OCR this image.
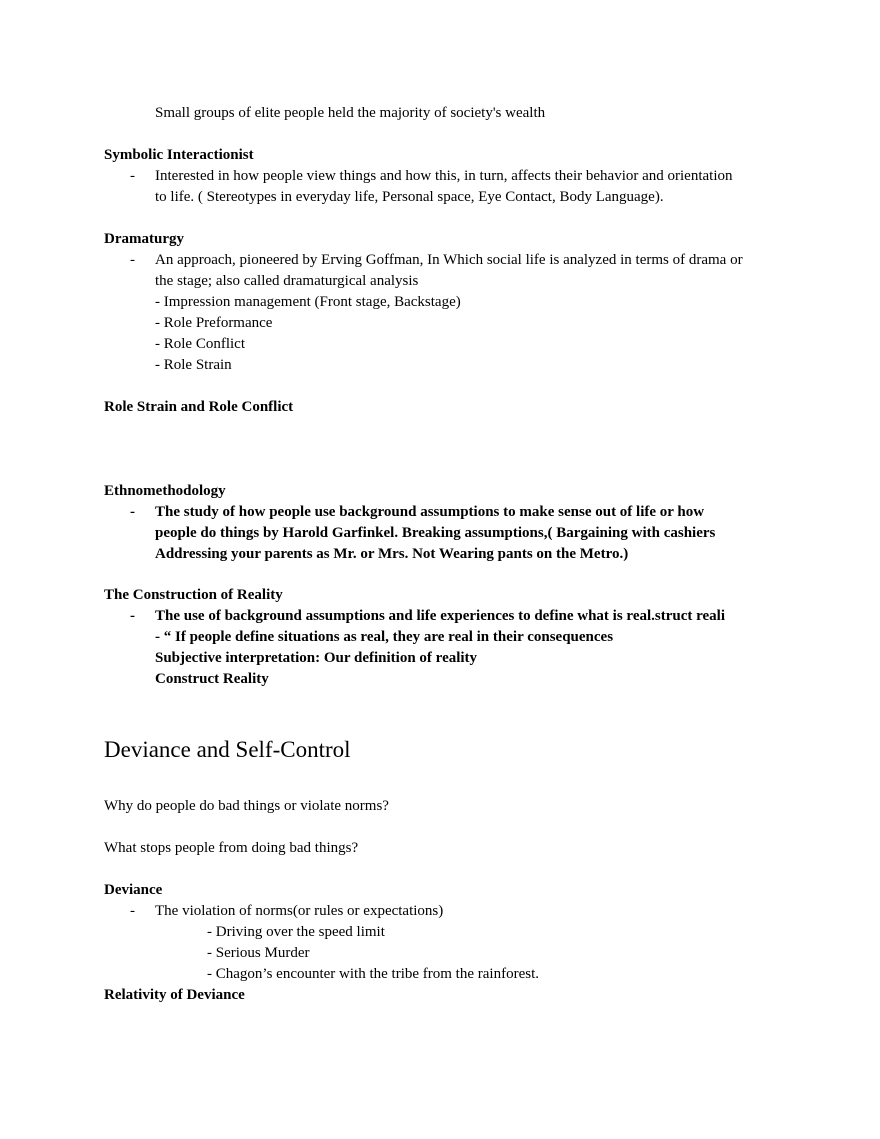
Small groups of elite people held the majority of society's wealth
Symbolic Interactionist
- Interested in how people view things and how this, in turn, affects their behavior and orientation
to life. ( Stereotypes in everyday life, Personal space, Eye Contact, Body Language).
Dramaturgy
- An approach, pioneered by Erving Goffman, In Which social life is analyzed in terms of drama or
the stage; also called dramaturgical analysis
- Impression management (Front stage, Backstage)
- Role Preformance
- Role Conflict
- Role Strain
Role Strain and Role Conflict
Ethnomethodology
- The study of how people use background assumptions to make sense out of life or how
people do things by Harold Garfinkel. Breaking assumptions,( Bargaining with cashiers
Addressing your parents as Mr. or Mrs. Not Wearing pants on the Metro.)
The Construction of Reality
- The use of background assumptions and life experiences to define what is real.struct reali
- “ If people define situations as real, they are real in their consequences
Subjective interpretation: Our definition of reality
Construct Reality
Deviance and Self-Control
Why do people do bad things or violate norms?
What stops people from doing bad things?
Deviance
- The violation of norms(or rules or expectations)
- Driving over the speed limit
- Serious Murder
- Chagon’s encounter with the tribe from the rainforest.
Relativity of Deviance
